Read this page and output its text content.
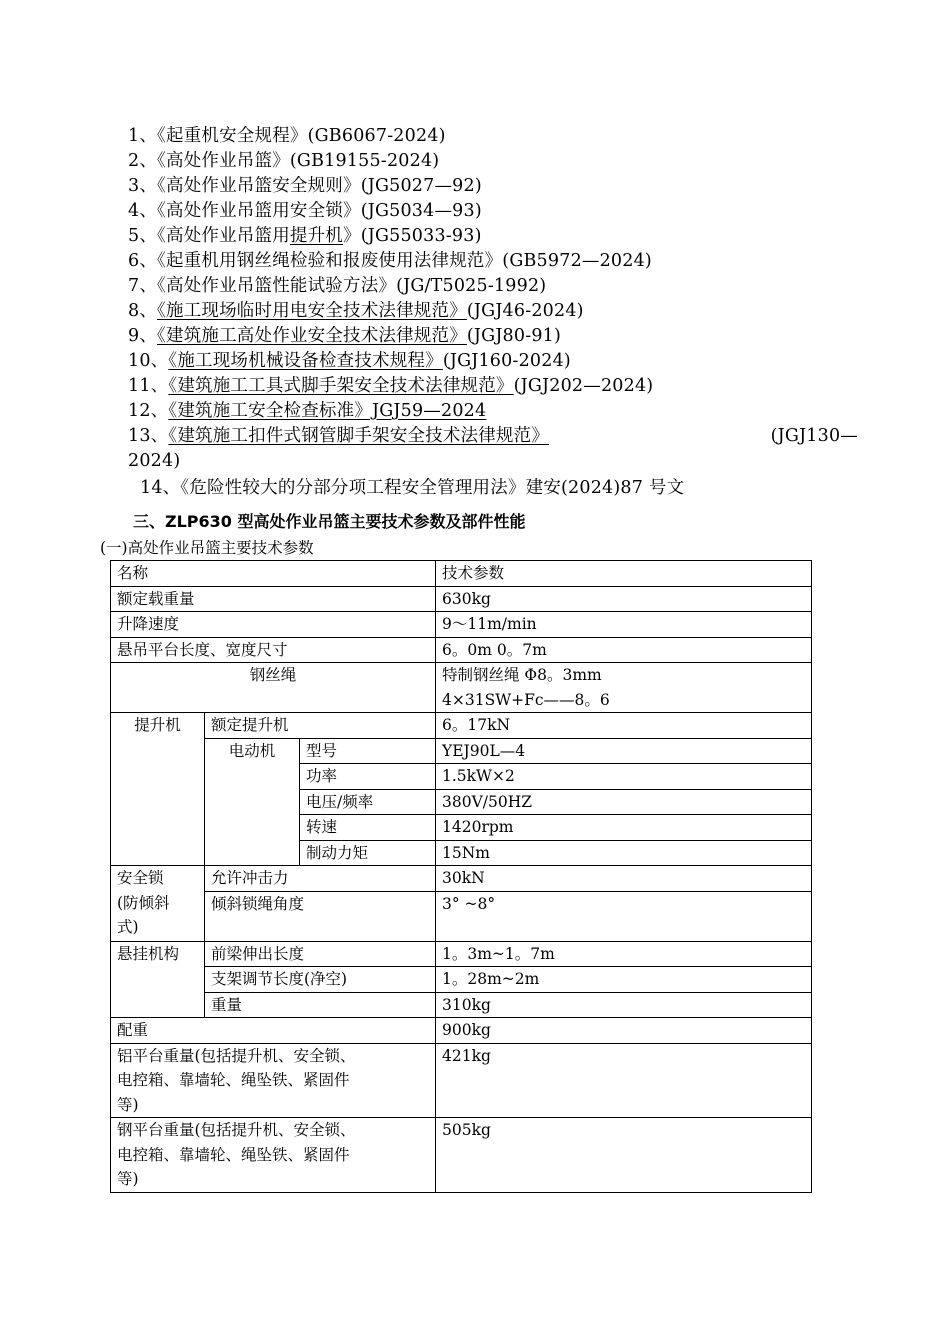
1、《起重机安全规程》(GB6067-2024)
2、《高处作业吊篮》(GB19155-2024)
3、《高处作业吊篮安全规则》(JG5027—92)
4、《高处作业吊篮用安全锁》(JG5034—93)
5、《高处作业吊篮用提升机》(JG55033-93)
6、《起重机用钢丝绳检验和报废使用法律规范》(GB5972—2024)
7、《高处作业吊篮性能试验方法》(JG/T5025-1992)
8、《施工现场临时用电安全技术法律规范》(JGJ46-2024)
9、《建筑施工高处作业安全技术法律规范》(JGJ80-91)
10、《施工现场机械设备检查技术规程》(JGJ160-2024)
11、《建筑施工工具式脚手架安全技术法律规范》(JGJ202—2024)
12、《建筑施工安全检查标准》JGJ59—2024
13、《建筑施工扣件式钢管脚手架安全技术法律规范》	(JGJ130—
2024)
14、《危险性较大的分部分项工程安全管理用法》建安(2024)87 号文
三、ZLP630 型高处作业吊篮主要技术参数及部件性能
(一)高处作业吊篮主要技术参数
名称			技术参数
额定载重量			630kg
升降速度			9～11m/min
悬吊平台长度、宽度尺寸			6。0m 0。7m
钢丝绳			特制钢丝绳 Φ8。3mm
4×31SW+Fc——8。6

提升机	额定提升机		6。17kN
	电动机	型号	YEJ90L—4
		功率	1.5kW×2
		电压/频率	380V/50HZ
		转速	1420rpm
		制动力矩	15Nm

安全锁
(防倾斜
式)	允许冲击力		30kN
	倾斜锁绳角度		3° ~8°
悬挂机构	前梁伸出长度		1。3m~1。7m
	支架调节长度(净空)		1。28m~2m
	重量		310kg
配重			900kg

铝平台重量(包括提升机、安全锁、
电控箱、靠墙轮、绳坠铁、紧固件
等)			421kg

钢平台重量(包括提升机、安全锁、
电控箱、靠墙轮、绳坠铁、紧固件
等)			505kg
